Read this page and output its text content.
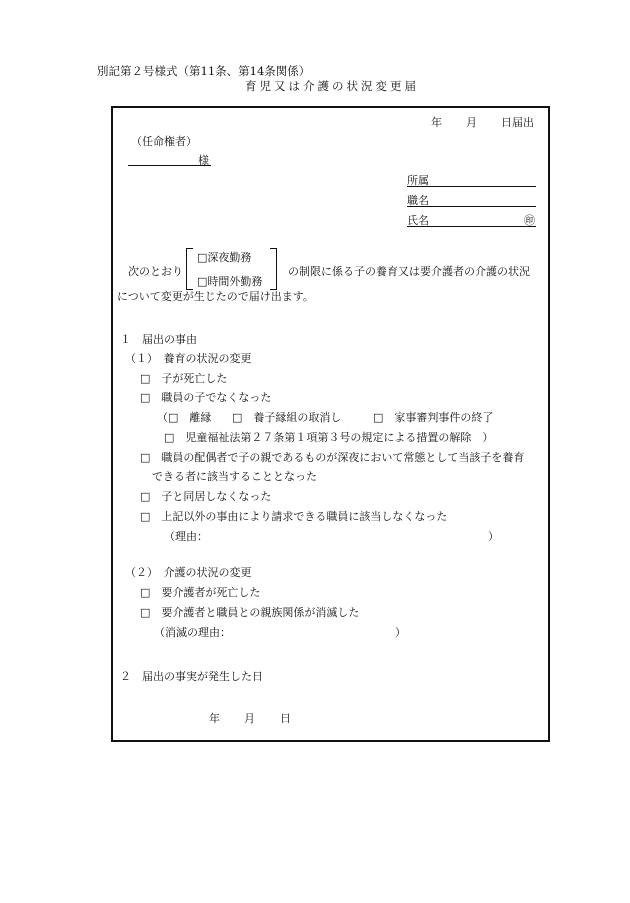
別記第２号様式（第11条、第14条関係）
育児又は介護の状況変更届
年 月 日届出
（任命権者）
様
所属
職名
氏名	㊞
次のとおり
□深夜勤務
□時間外勤務
の制限に係る子の養育又は要介護者の介護の状況
について変更が生じたので届け出ます。
１　届出の事由
（１）　養育の状況の変更
□　子が死亡した
□　職員の子でなくなった
（□　離縁 □　養子縁組の取消し	□　家事審判事件の終了
□　児童福祉法第２７条第１項第３号の規定による措置の解除　）
□　職員の配偶者で子の親であるものが深夜において常態として当該子を養育
できる者に該当することとなった
□　子と同居しなくなった
□　上記以外の事由により請求できる職員に該当しなくなった
（理由：	）
（２）　介護の状況の変更
□　要介護者が死亡した
□　要介護者と職員との親族関係が消滅した
（消滅の理由：	）
２　届出の事実が発生した日
年 月 日
